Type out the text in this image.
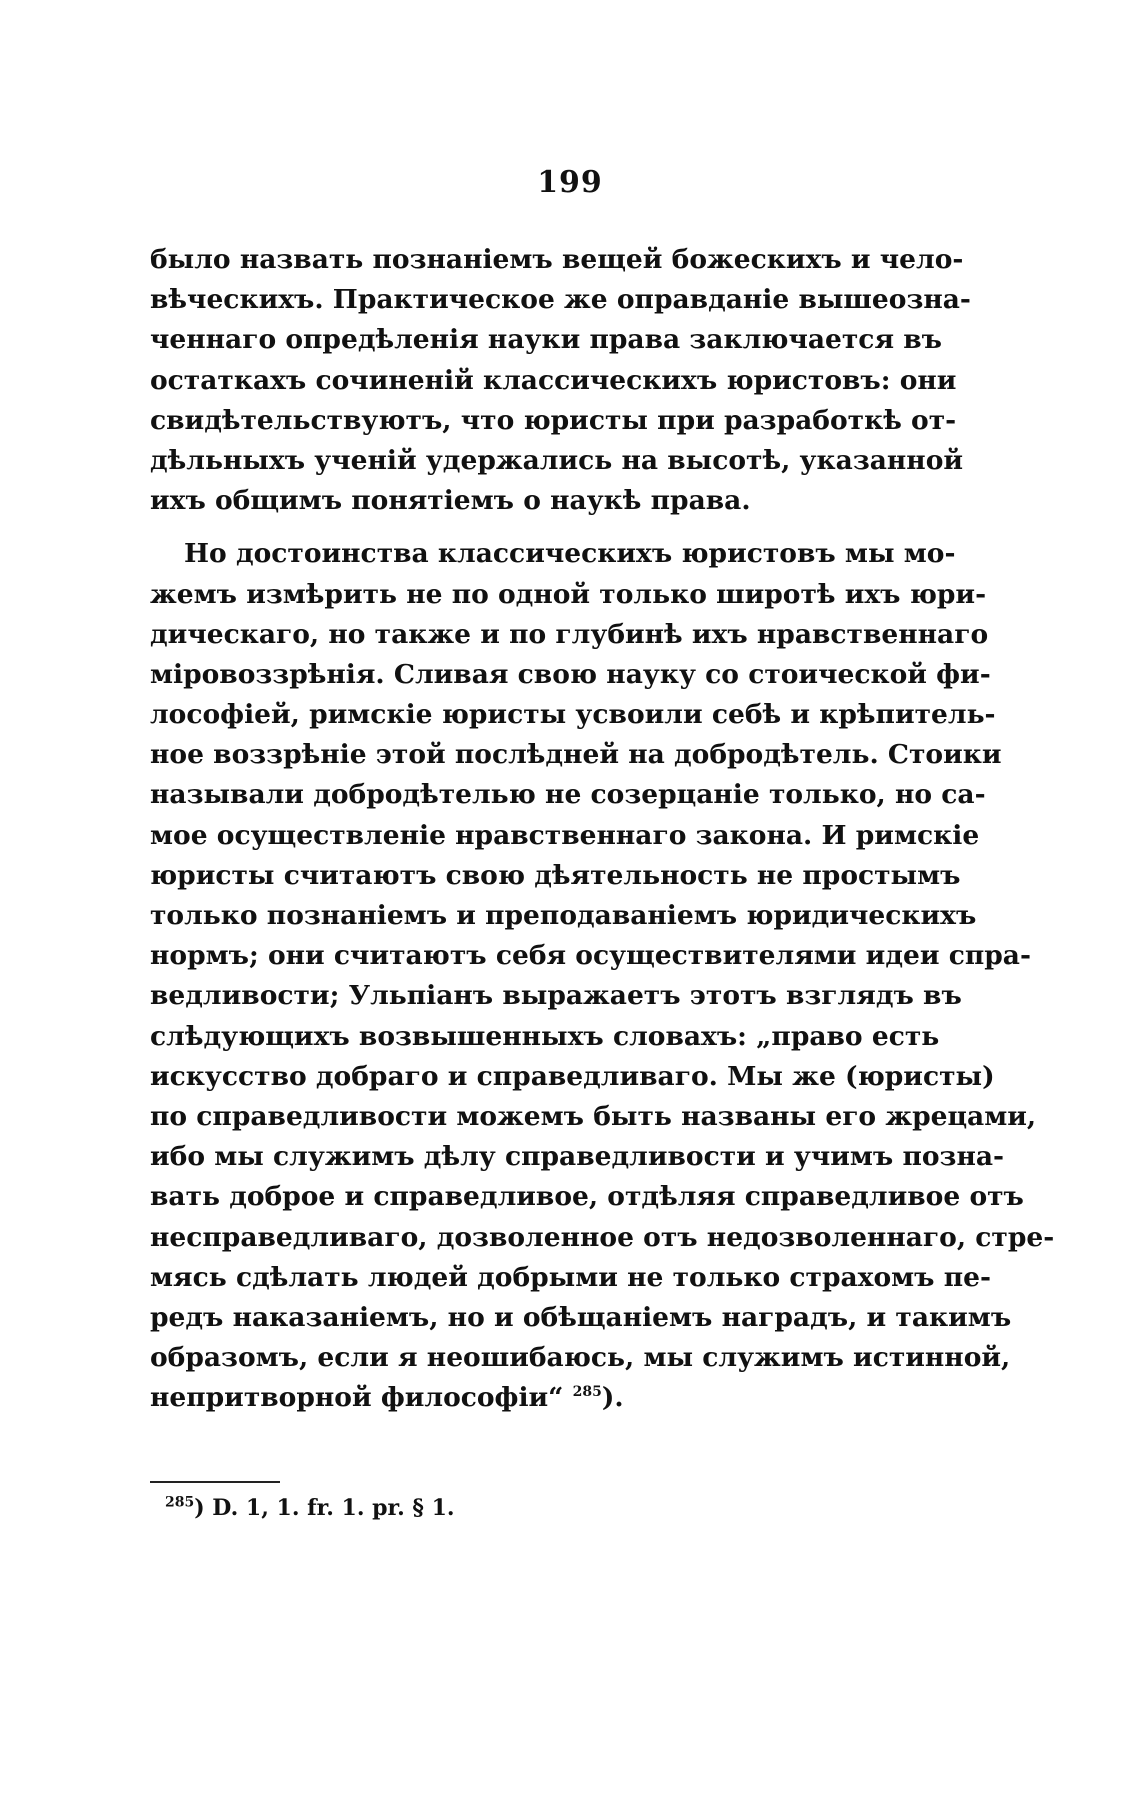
199
было назвать познаніемъ вещей божескихъ и чело-
вѣческихъ. Практическое же оправданіе вышеозна-
ченнаго опредѣленія науки права заключается въ
остаткахъ сочиненій классическихъ юристовъ: они
свидѣтельствуютъ, что юристы при разработкѣ от-
дѣльныхъ ученій удержались на высотѣ, указанной
ихъ общимъ понятіемъ о наукѣ права.
Но достоинства классическихъ юристовъ мы мо-
жемъ измѣрить не по одной только широтѣ ихъ юри-
дическаго, но также и по глубинѣ ихъ нравственнаго
міровоззрѣнія. Сливая свою науку со стоической фи-
лософіей, римскіе юристы усвоили себѣ и крѣпитель-
ное воззрѣніе этой послѣдней на добродѣтель. Стоики
называли добродѣтелью не созерцаніе только, но са-
мое осуществленіе нравственнаго закона. И римскіе
юристы считаютъ свою дѣятельность не простымъ
только познаніемъ и преподаваніемъ юридическихъ
нормъ; они считаютъ себя осуществителями идеи спра-
ведливости; Ульпіанъ выражаетъ этотъ взглядъ въ
слѣдующихъ возвышенныхъ словахъ: „право есть
искусство добраго и справедливаго. Мы же (юристы)
по справедливости можемъ быть названы его жрецами,
ибо мы служимъ дѣлу справедливости и учимъ позна-
вать доброе и справедливое, отдѣляя справедливое отъ
несправедливаго, дозволенное отъ недозволеннаго, стре-
мясь сдѣлать людей добрыми не только страхомъ пе-
редъ наказаніемъ, но и обѣщаніемъ наградъ, и такимъ
образомъ, если я неошибаюсь, мы служимъ истинной,
непритворной философіи“ $^{285}$).
$^{285}$) D. 1, 1. fr. 1. pr. § 1.
